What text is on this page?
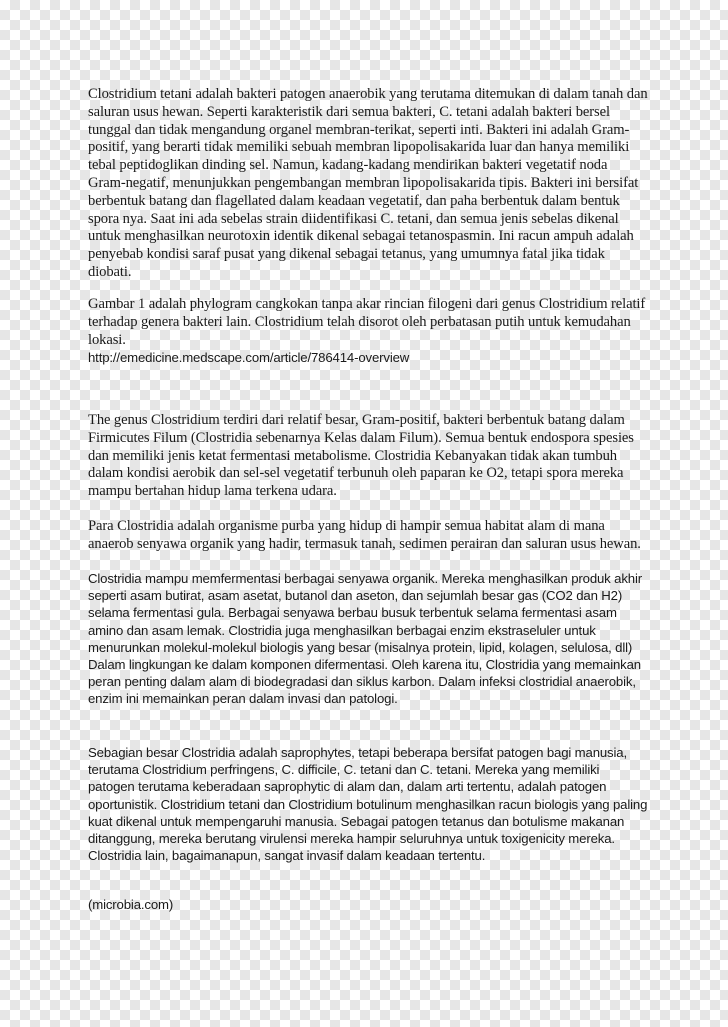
Clostridium tetani adalah bakteri patogen anaerobik yang terutama ditemukan di dalam tanah dan saluran usus hewan. Seperti karakteristik dari semua bakteri, C. tetani adalah bakteri bersel tunggal dan tidak mengandung organel membran-terikat, seperti inti. Bakteri ini adalah Gram-positif, yang berarti tidak memiliki sebuah membran lipopolisakarida luar dan hanya memiliki tebal peptidoglikan dinding sel. Namun, kadang-kadang mendirikan bakteri vegetatif noda Gram-negatif, menunjukkan pengembangan membran lipopolisakarida tipis. Bakteri ini bersifat berbentuk batang dan flagellated dalam keadaan vegetatif, dan paha berbentuk dalam bentuk spora nya. Saat ini ada sebelas strain diidentifikasi C. tetani, dan semua jenis sebelas dikenal untuk menghasilkan neurotoxin identik dikenal sebagai tetanospasmin. Ini racun ampuh adalah penyebab kondisi saraf pusat yang dikenal sebagai tetanus, yang umumnya fatal jika tidak diobati.

Gambar 1 adalah phylogram cangkokan tanpa akar rincian filogeni dari genus Clostridium relatif terhadap genera bakteri lain. Clostridium telah disorot oleh perbatasan putih untuk kemudahan lokasi.

http://emedicine.medscape.com/article/786414-overview

The genus Clostridium terdiri dari relatif besar, Gram-positif, bakteri berbentuk batang dalam Firmicutes Filum (Clostridia sebenarnya Kelas dalam Filum). Semua bentuk endospora spesies dan memiliki jenis ketat fermentasi metabolisme. Clostridia Kebanyakan tidak akan tumbuh dalam kondisi aerobik dan sel-sel vegetatif terbunuh oleh paparan ke O2, tetapi spora mereka mampu bertahan hidup lama terkena udara.

Para Clostridia adalah organisme purba yang hidup di hampir semua habitat alam di mana anaerob senyawa organik yang hadir, termasuk tanah, sedimen perairan dan saluran usus hewan.

Clostridia mampu memfermentasi berbagai senyawa organik. Mereka menghasilkan produk akhir seperti asam butirat, asam asetat, butanol dan aseton, dan sejumlah besar gas (CO2 dan H2) selama fermentasi gula. Berbagai senyawa berbau busuk terbentuk selama fermentasi asam amino dan asam lemak. Clostridia juga menghasilkan berbagai enzim ekstraseluler untuk menurunkan molekul-molekul biologis yang besar (misalnya protein, lipid, kolagen, selulosa, dll) Dalam lingkungan ke dalam komponen difermentasi. Oleh karena itu, Clostridia yang memainkan peran penting dalam alam di biodegradasi dan siklus karbon. Dalam infeksi clostridial anaerobik, enzim ini memainkan peran dalam invasi dan patologi.

Sebagian besar Clostridia adalah saprophytes, tetapi beberapa bersifat patogen bagi manusia, terutama Clostridium perfringens, C. difficile, C. tetani dan C. tetani. Mereka yang memiliki patogen terutama keberadaan saprophytic di alam dan, dalam arti tertentu, adalah patogen oportunistik. Clostridium tetani dan Clostridium botulinum menghasilkan racun biologis yang paling kuat dikenal untuk mempengaruhi manusia. Sebagai patogen tetanus dan botulisme makanan ditanggung, mereka berutang virulensi mereka hampir seluruhnya untuk toxigenicity mereka. Clostridia lain, bagaimanapun, sangat invasif dalam keadaan tertentu.

(microbia.com)
